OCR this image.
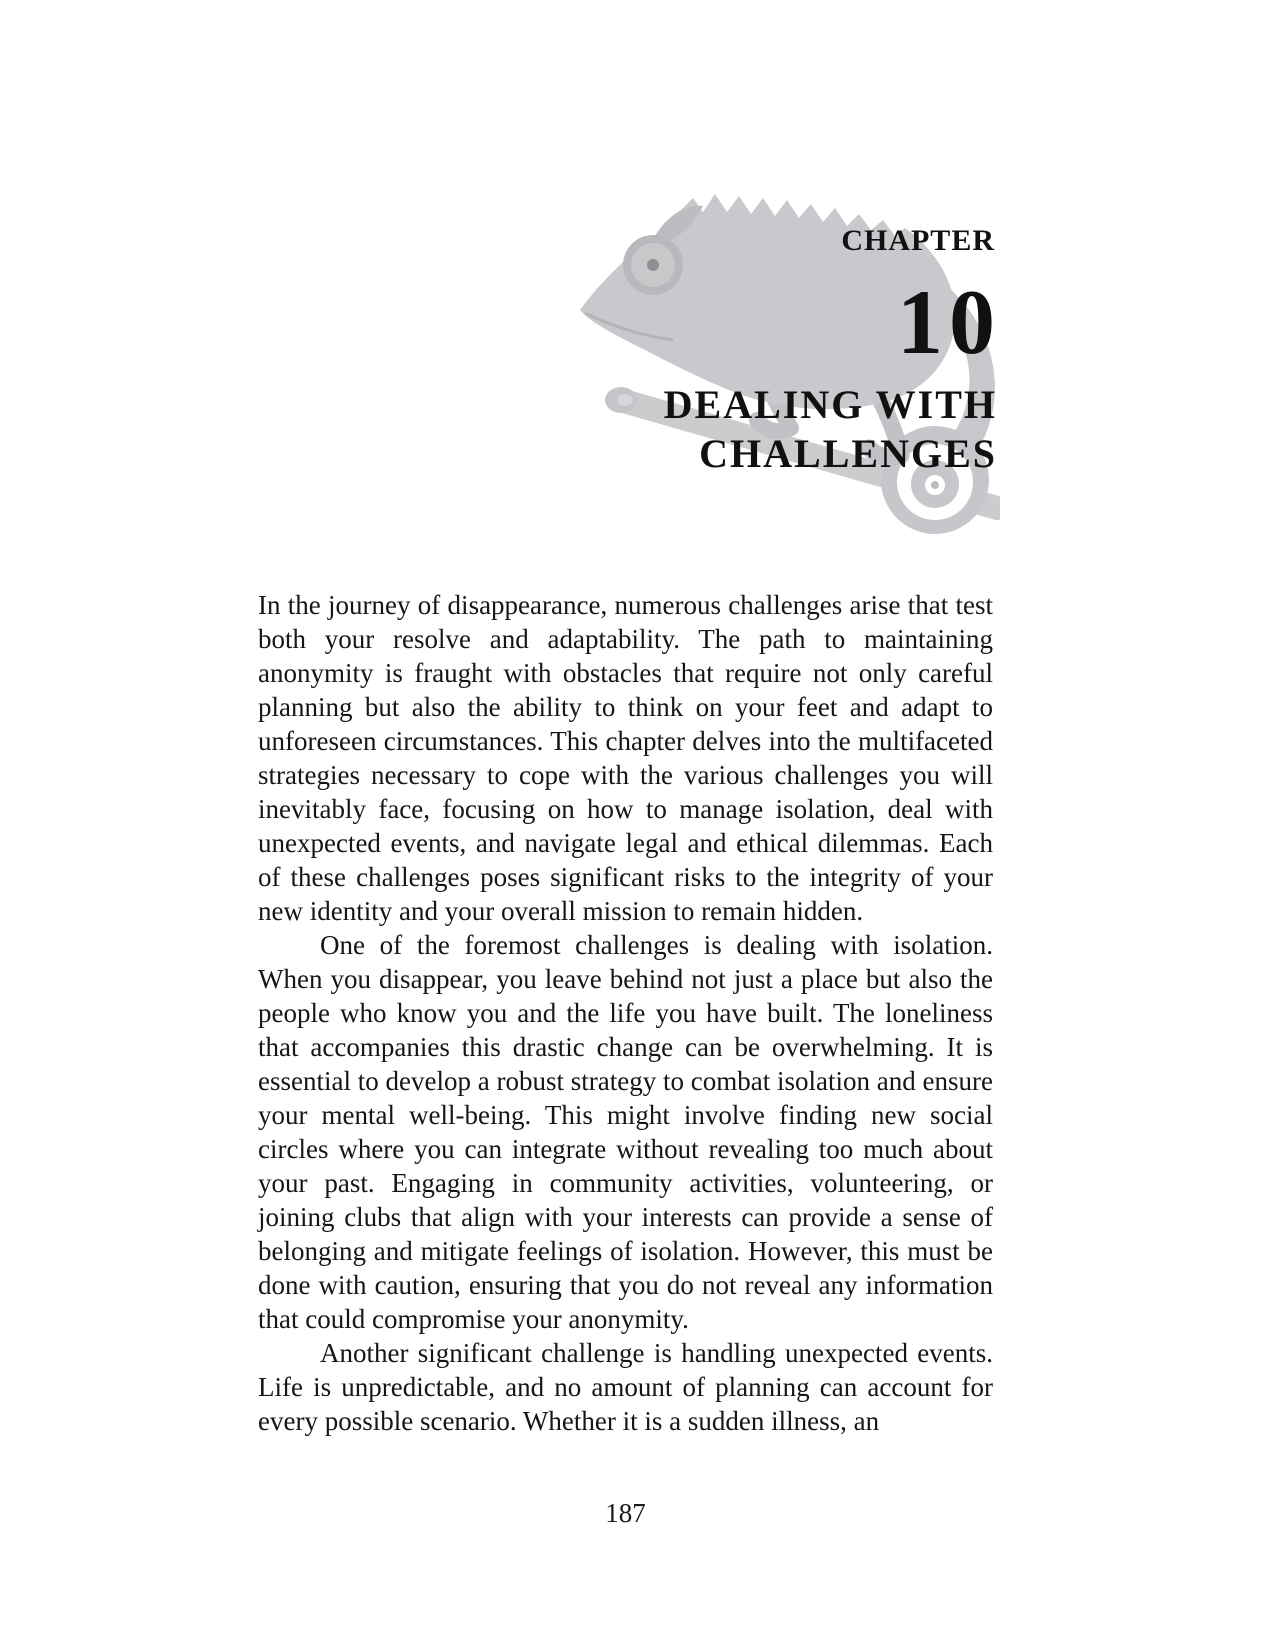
CHAPTER
10
DEALING WITH
CHALLENGES

In the journey of disappearance, numerous challenges arise that test both your resolve and adaptability. The path to maintaining anonymity is fraught with obstacles that require not only careful planning but also the ability to think on your feet and adapt to unforeseen circumstances. This chapter delves into the multifaceted strategies necessary to cope with the various challenges you will inevitably face, focusing on how to manage isolation, deal with unexpected events, and navigate legal and ethical dilemmas. Each of these challenges poses significant risks to the integrity of your new identity and your overall mission to remain hidden.

One of the foremost challenges is dealing with isolation. When you disappear, you leave behind not just a place but also the people who know you and the life you have built. The loneliness that accompanies this drastic change can be overwhelming. It is essential to develop a robust strategy to combat isolation and ensure your mental well-being. This might involve finding new social circles where you can integrate without revealing too much about your past. Engaging in community activities, volunteering, or joining clubs that align with your interests can provide a sense of belonging and mitigate feelings of isolation. However, this must be done with caution, ensuring that you do not reveal any information that could compromise your anonymity.

Another significant challenge is handling unexpected events. Life is unpredictable, and no amount of planning can account for every possible scenario. Whether it is a sudden illness, an

187
